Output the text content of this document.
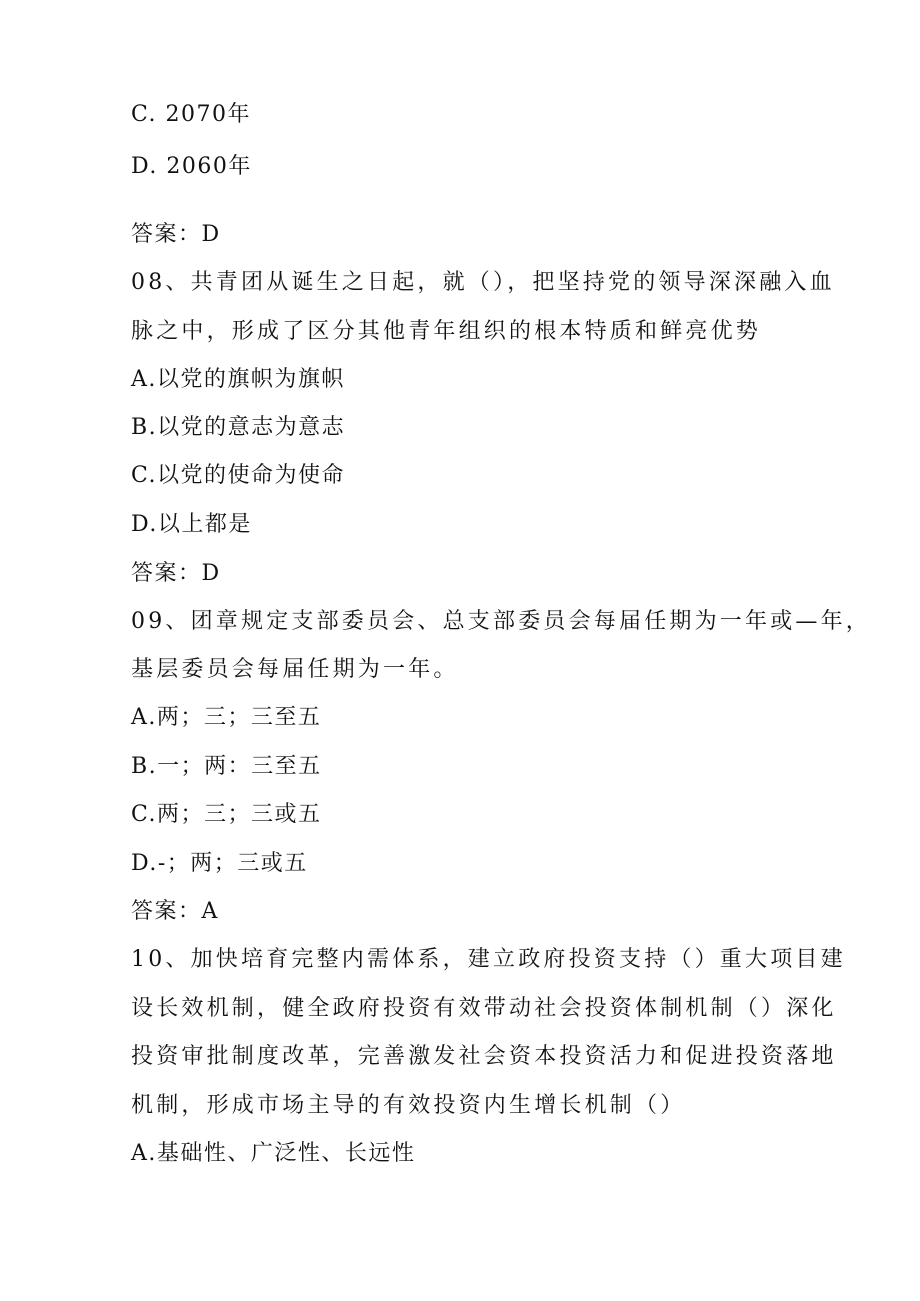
C. 2070年
D. 2060年
答案：D
08、共青团从诞生之日起，就（），把坚持党的领导深深融入血
脉之中，形成了区分其他青年组织的根本特质和鲜亮优势
A.以党的旗帜为旗帜
B.以党的意志为意志
C.以党的使命为使命
D.以上都是
答案：D
09、团章规定支部委员会、总支部委员会每届任期为一年或—年，
基层委员会每届任期为一年。
A.两；三；三至五
B.一；两：三至五
C.两；三；三或五
D.-；两；三或五
答案：A
10、加快培育完整内需体系，建立政府投资支持（）重大项目建
设长效机制，健全政府投资有效带动社会投资体制机制（）深化
投资审批制度改革，完善激发社会资本投资活力和促进投资落地
机制，形成市场主导的有效投资内生增长机制（）
A.基础性、广泛性、长远性
